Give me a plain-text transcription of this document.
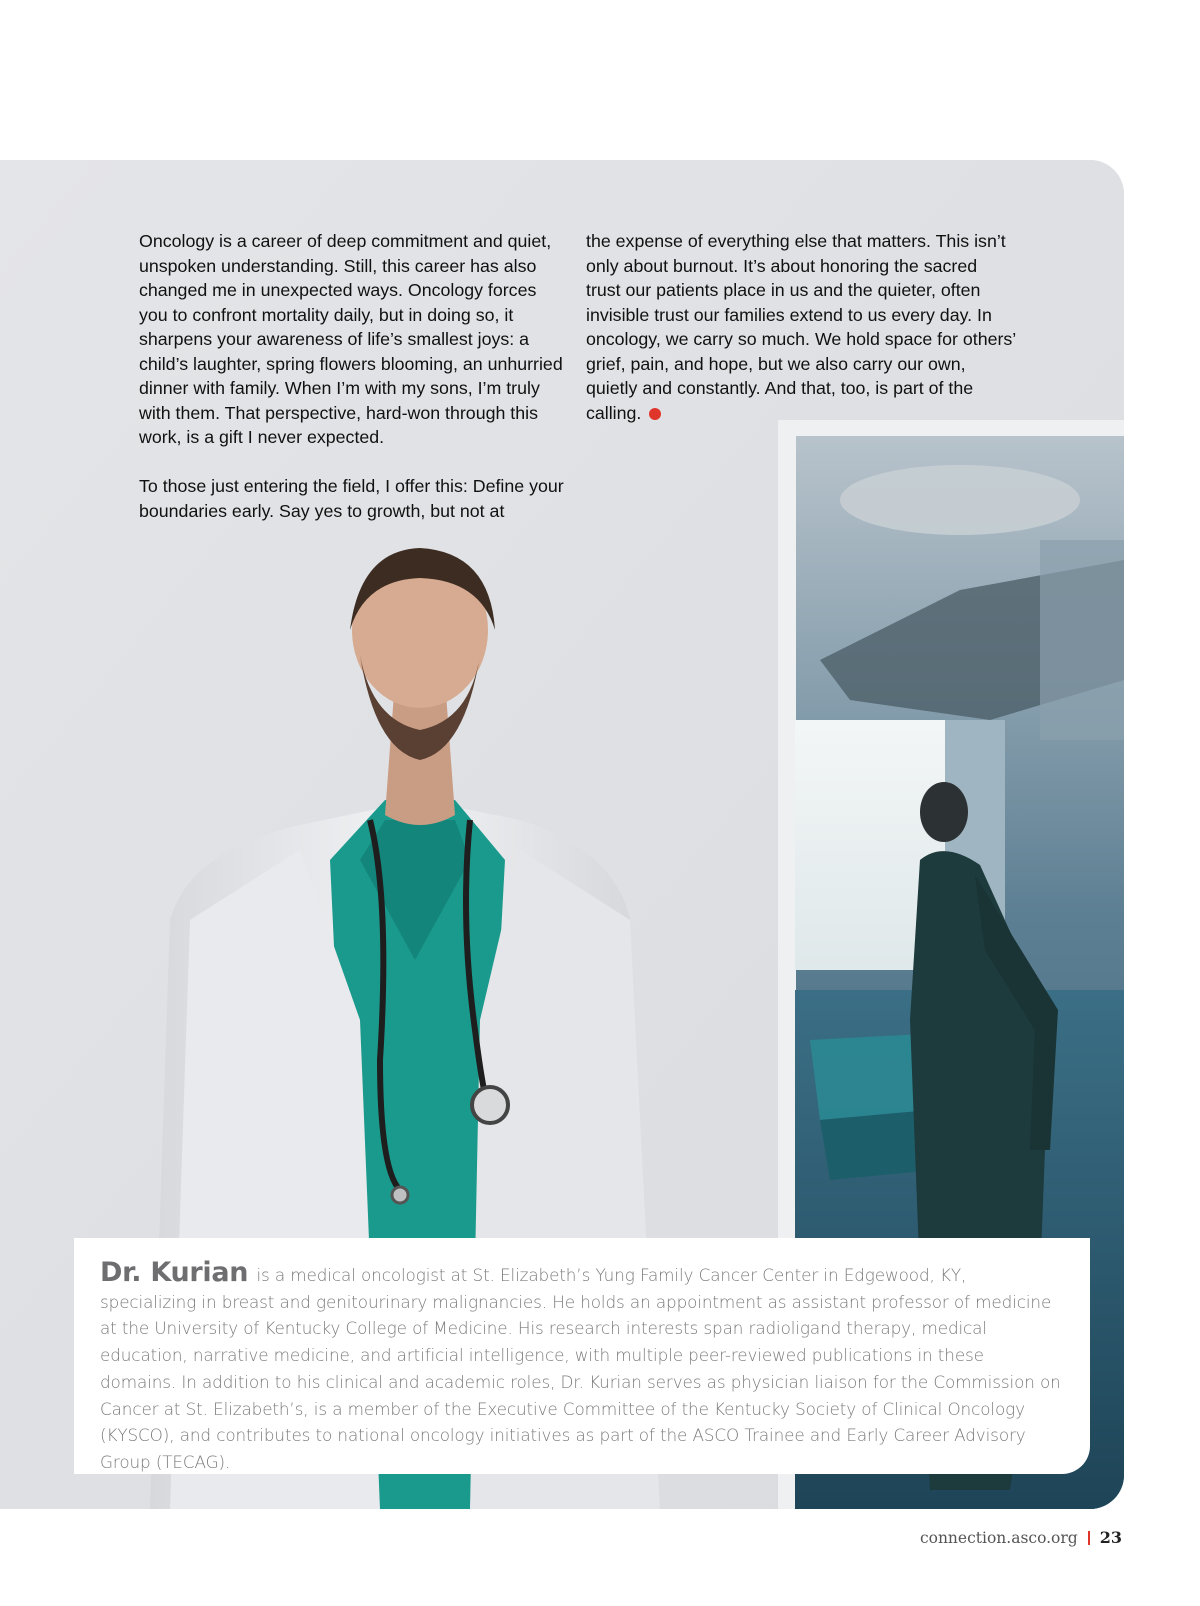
Oncology is a career of deep commitment and quiet, unspoken understanding. Still, this career has also changed me in unexpected ways. Oncology forces you to confront mortality daily, but in doing so, it sharpens your awareness of life’s smallest joys: a child’s laughter, spring flowers blooming, an unhurried dinner with family. When I’m with my sons, I’m truly with them. That perspective, hard-won through this work, is a gift I never expected.

To those just entering the field, I offer this: Define your boundaries early. Say yes to growth, but not at

the expense of everything else that matters. This isn’t only about burnout. It’s about honoring the sacred trust our patients place in us and the quieter, often invisible trust our families extend to us every day. In oncology, we carry so much. We hold space for others’ grief, pain, and hope, but we also carry our own, quietly and constantly. And that, too, is part of the calling.

Dr. Kurian is a medical oncologist at St. Elizabeth’s Yung Family Cancer Center in Edgewood, KY, specializing in breast and genitourinary malignancies. He holds an appointment as assistant professor of medicine at the University of Kentucky College of Medicine. His research interests span radioligand therapy, medical education, narrative medicine, and artificial intelligence, with multiple peer-reviewed publications in these domains. In addition to his clinical and academic roles, Dr. Kurian serves as physician liaison for the Commission on Cancer at St. Elizabeth’s, is a member of the Executive Committee of the Kentucky Society of Clinical Oncology (KYSCO), and contributes to national oncology initiatives as part of the ASCO Trainee and Early Career Advisory Group (TECAG).

connection.asco.org 23
